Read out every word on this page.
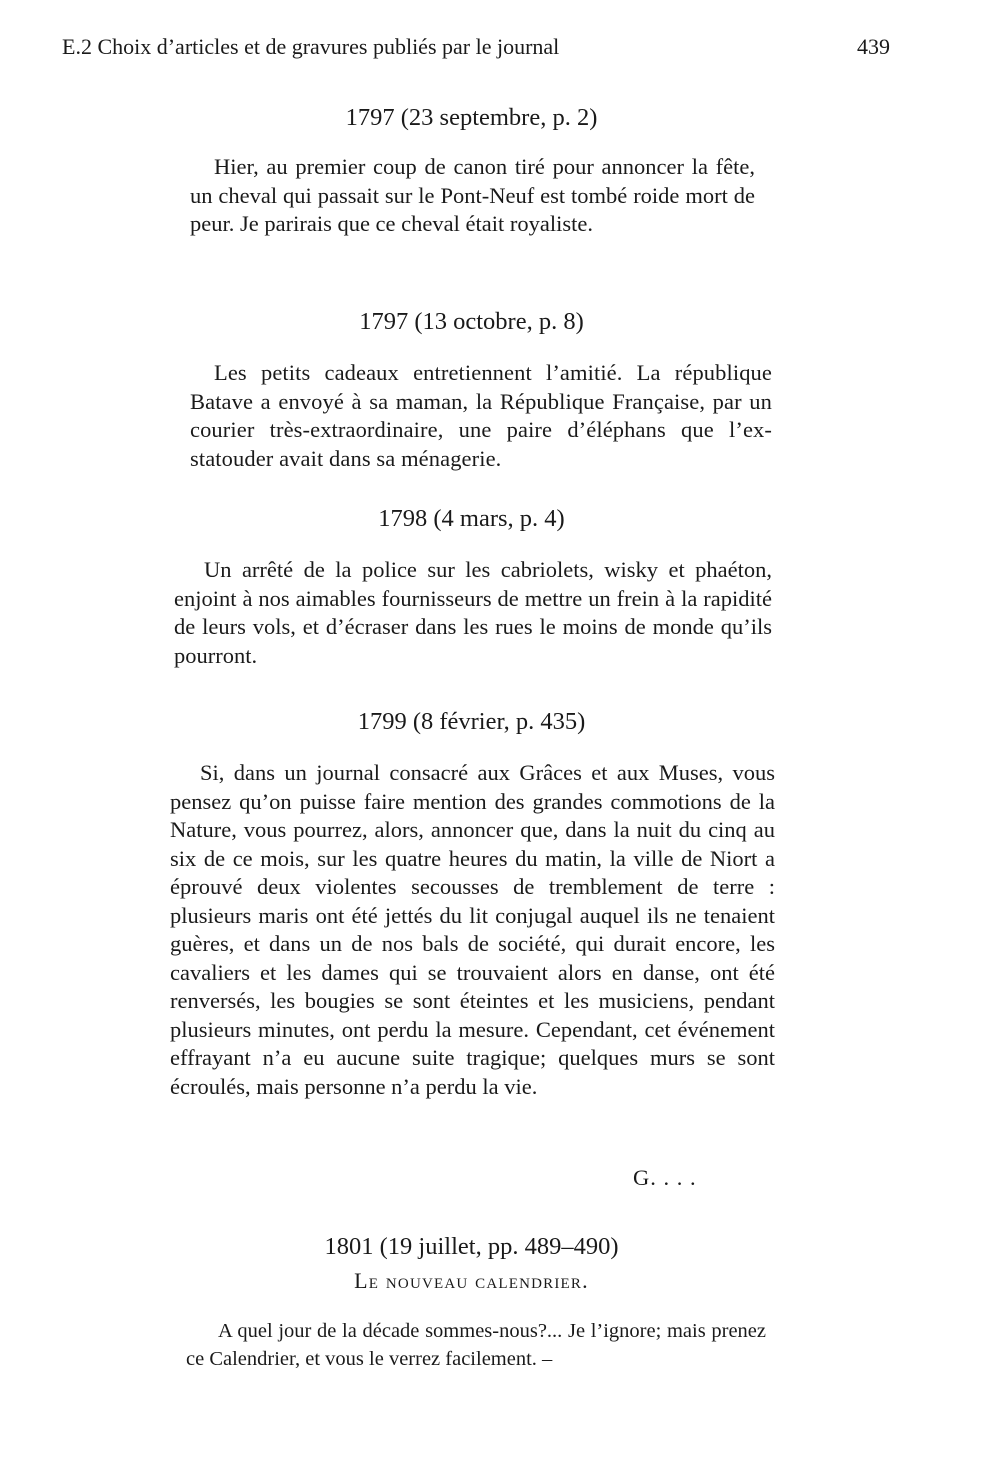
E.2 Choix d’articles et de gravures publiés par le journal	439
1797 (23 septembre, p. 2)

Hier, au premier coup de canon tiré pour annoncer la fête, un cheval qui passait sur le Pont-Neuf est tombé roide mort de peur. Je parirais que ce cheval était royaliste.

1797 (13 octobre, p. 8)

Les petits cadeaux entretiennent l’amitié. La république Batave a envoyé à sa maman, la République Française, par un courier très-extraordinaire, une paire d’éléphans que l’ex-statouder avait dans sa ménagerie.

1798 (4 mars, p. 4)

Un arrêté de la police sur les cabriolets, wisky et phaéton, enjoint à nos aimables fournisseurs de mettre un frein à la rapidité de leurs vols, et d’écraser dans les rues le moins de monde qu’ils pourront.

1799 (8 février, p. 435)

Si, dans un journal consacré aux Grâces et aux Muses, vous pensez qu’on puisse faire mention des grandes commotions de la Nature, vous pourrez, alors, annoncer que, dans la nuit du cinq au six de ce mois, sur les quatre heures du matin, la ville de Niort a éprouvé deux violentes secousses de tremblement de terre : plusieurs maris ont été jettés du lit conjugal auquel ils ne tenaient guères, et dans un de nos bals de société, qui durait encore, les cavaliers et les dames qui se trouvaient alors en danse, ont été renversés, les bougies se sont éteintes et les musiciens, pendant plusieurs minutes, ont perdu la mesure. Cependant, cet événement effrayant n’a eu aucune suite tragique; quelques murs se sont écroulés, mais personne n’a perdu la vie.

G. . . .
1801 (19 juillet, pp. 489–490)
Le nouveau calendrier.

A quel jour de la décade sommes-nous?... Je l’ignore; mais prenez ce Calendrier, et vous le verrez facilement. –
